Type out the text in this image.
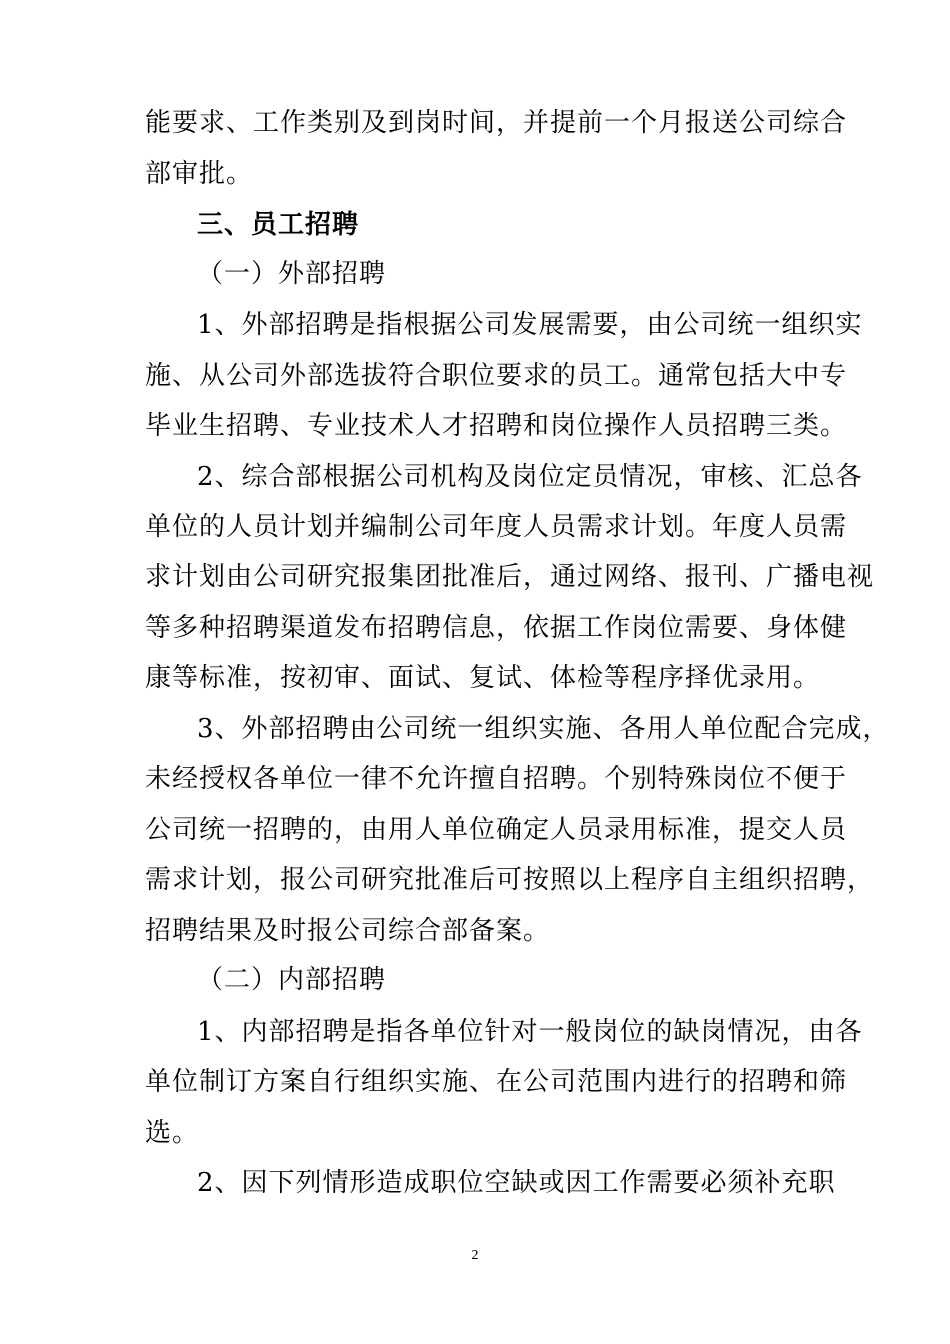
能要求、工作类别及到岗时间，并提前一个月报送公司综合
部审批。
三、员工招聘
（一）外部招聘
1、外部招聘是指根据公司发展需要，由公司统一组织实
施、从公司外部选拔符合职位要求的员工。通常包括大中专
毕业生招聘、专业技术人才招聘和岗位操作人员招聘三类。
2、综合部根据公司机构及岗位定员情况，审核、汇总各
单位的人员计划并编制公司年度人员需求计划。年度人员需
求计划由公司研究报集团批准后，通过网络、报刊、广播电视
等多种招聘渠道发布招聘信息，依据工作岗位需要、身体健
康等标准，按初审、面试、复试、体检等程序择优录用。
3、外部招聘由公司统一组织实施、各用人单位配合完成，
未经授权各单位一律不允许擅自招聘。个别特殊岗位不便于
公司统一招聘的，由用人单位确定人员录用标准，提交人员
需求计划，报公司研究批准后可按照以上程序自主组织招聘，
招聘结果及时报公司综合部备案。
（二）内部招聘
1、内部招聘是指各单位针对一般岗位的缺岗情况，由各
单位制订方案自行组织实施、在公司范围内进行的招聘和筛
选。
2、因下列情形造成职位空缺或因工作需要必须补充职
2
